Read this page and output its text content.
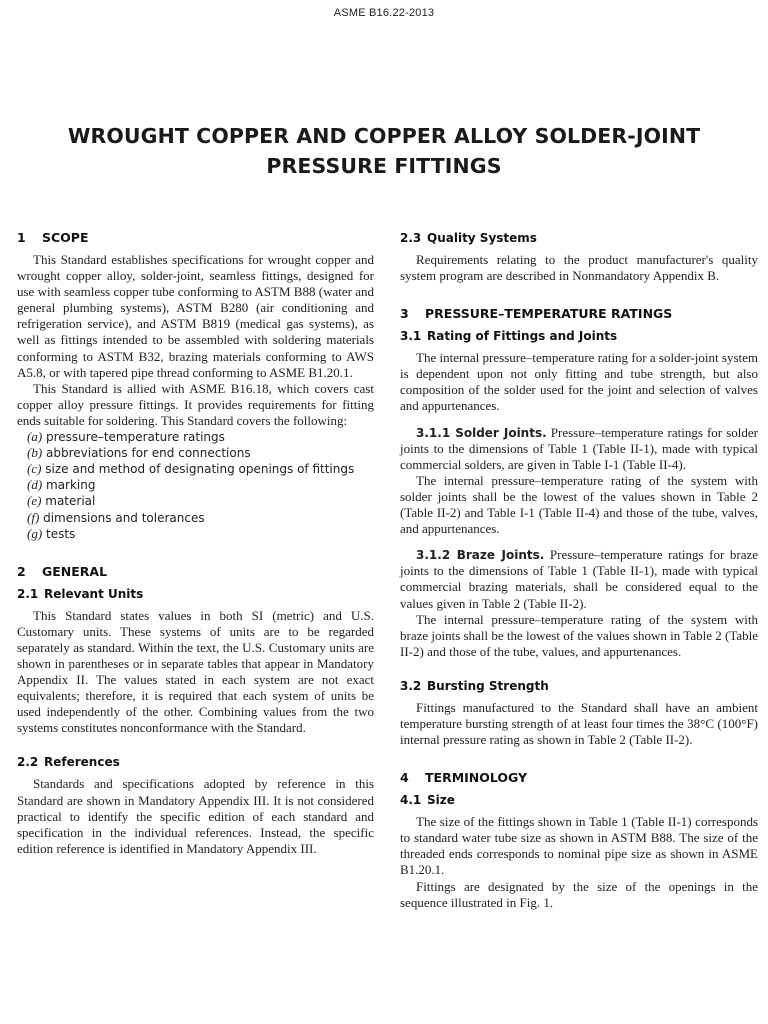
ASME B16.22-2013
WROUGHT COPPER AND COPPER ALLOY SOLDER-JOINT
PRESSURE FITTINGS
1 SCOPE

This Standard establishes specifications for wrought copper and wrought copper alloy, solder-joint, seamless fittings, designed for use with seamless copper tube conforming to ASTM B88 (water and general plumbing systems), ASTM B280 (air conditioning and refrigeration service), and ASTM B819 (medical gas systems), as well as fittings intended to be assembled with soldering materials conforming to ASTM B32, brazing materials conforming to AWS A5.8, or with tapered pipe thread conforming to ASME B1.20.1.

This Standard is allied with ASME B16.18, which covers cast copper alloy pressure fittings. It provides requirements for fitting ends suitable for soldering. This Standard covers the following:

(a) pressure–temperature ratings
(b) abbreviations for end connections
(c) size and method of designating openings of fittings
(d) marking
(e) material
(f) dimensions and tolerances
(g) tests
2 GENERAL
2.1 Relevant Units

This Standard states values in both SI (metric) and U.S. Customary units. These systems of units are to be regarded separately as standard. Within the text, the U.S. Customary units are shown in parentheses or in separate tables that appear in Mandatory Appendix II. The values stated in each system are not exact equivalents; therefore, it is required that each system of units be used independently of the other. Combining values from the two systems constitutes nonconformance with the Standard.

2.2 References

Standards and specifications adopted by reference in this Standard are shown in Mandatory Appendix III. It is not considered practical to identify the specific edition of each standard and specification in the individual references. Instead, the specific edition reference is identified in Mandatory Appendix III.

2.3 Quality Systems

Requirements relating to the product manufacturer's quality system program are described in Nonmandatory Appendix B.

3 PRESSURE–TEMPERATURE RATINGS
3.1 Rating of Fittings and Joints

The internal pressure–temperature rating for a solder-joint system is dependent upon not only fitting and tube strength, but also composition of the solder used for the joint and selection of valves and appurtenances.

3.1.1 Solder Joints. Pressure–temperature ratings for solder joints to the dimensions of Table 1 (Table II-1), made with typical commercial solders, are given in Table I-1 (Table II-4).

The internal pressure–temperature rating of the system with solder joints shall be the lowest of the values shown in Table 2 (Table II-2) and Table I-1 (Table II-4) and those of the tube, valves, and appurtenances.

3.1.2 Braze Joints. Pressure–temperature ratings for braze joints to the dimensions of Table 1 (Table II-1), made with typical commercial brazing materials, shall be considered equal to the values given in Table 2 (Table II-2).

The internal pressure–temperature rating of the system with braze joints shall be the lowest of the values shown in Table 2 (Table II-2) and those of the tube, values, and appurtenances.

3.2 Bursting Strength

Fittings manufactured to the Standard shall have an ambient temperature bursting strength of at least four times the 38°C (100°F) internal pressure rating as shown in Table 2 (Table II-2).

4 TERMINOLOGY
4.1 Size

The size of the fittings shown in Table 1 (Table II-1) corresponds to standard water tube size as shown in ASTM B88. The size of the threaded ends corresponds to nominal pipe size as shown in ASME B1.20.1.

Fittings are designated by the size of the openings in the sequence illustrated in Fig. 1.
